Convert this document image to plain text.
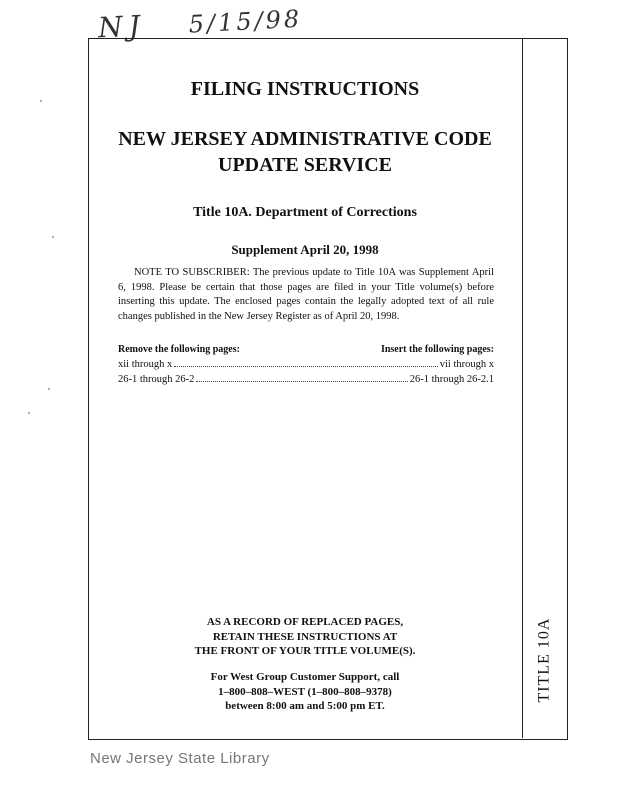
NJ 5/15/98
FILING INSTRUCTIONS
NEW JERSEY ADMINISTRATIVE CODE
UPDATE SERVICE
Title 10A. Department of Corrections
Supplement April 20, 1998
NOTE TO SUBSCRIBER: The previous update to Title 10A was Supplement April 6, 1998. Please be certain that those pages are filed in your Title volume(s) before inserting this update. The enclosed pages contain the legally adopted text of all rule changes published in the New Jersey Register as of April 20, 1998.
Remove the following pages:	Insert the following pages:
xii through x	vii through x
26-1 through 26-2	26-1 through 26-2.1
AS A RECORD OF REPLACED PAGES,
RETAIN THESE INSTRUCTIONS AT
THE FRONT OF YOUR TITLE VOLUME(S).
For West Group Customer Support, call
1–800–808–WEST (1–800–808–9378)
between 8:00 am and 5:00 pm ET.
TITLE 10A
New Jersey State Library
